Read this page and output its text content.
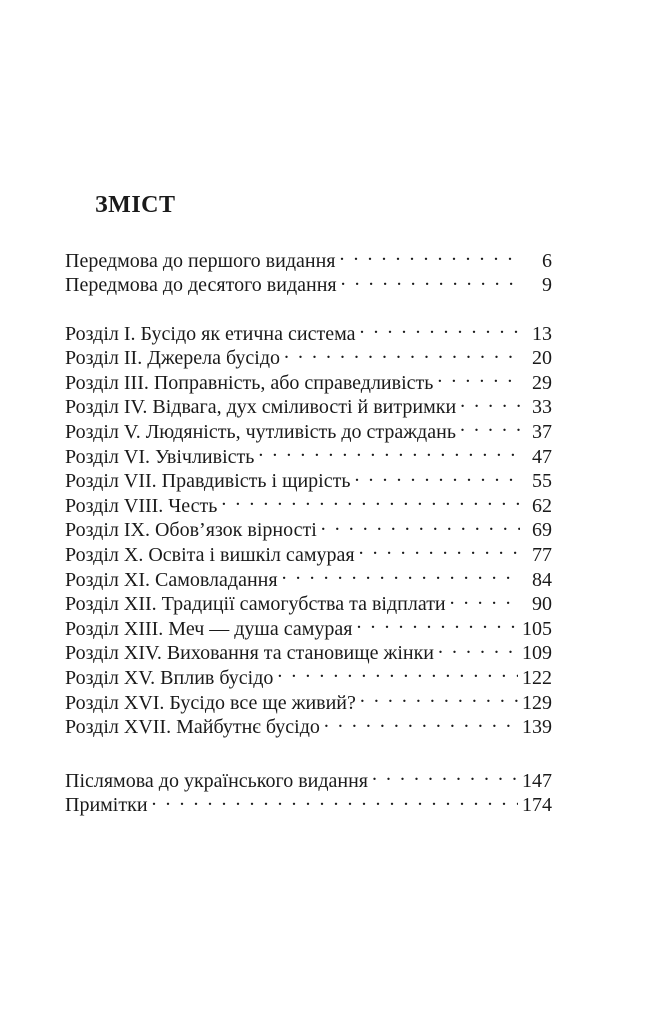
ЗМІСТ
Передмова до першого видання . . .	6
Передмова до десятого видання . . .	9
Розділ I. Бусідо як етична система . . .	13
Розділ II. Джерела бусідо . . .	20
Розділ III. Поправність, або справедливість . . .	29
Розділ IV. Відвага, дух сміливості й витримки . . .	33
Розділ V. Людяність, чутливість до страждань . . .	37
Розділ VI. Увічливість . . .	47
Розділ VII. Правдивість і щирість . . .	55
Розділ VIII. Честь . . .	62
Розділ IX. Обов’язок вірності . . .	69
Розділ X. Освіта і вишкіл самурая . . .	77
Розділ XI. Самовладання . . .	84
Розділ XII. Традиції самогубства та відплати . . .	90
Розділ XIII. Меч — душа самурая . . .	105
Розділ XIV. Виховання та становище жінки . . .	109
Розділ XV. Вплив бусідо . . .	122
Розділ XVI. Бусідо все ще живий? . . .	129
Розділ XVII. Майбутнє бусідо . . .	139
Післямова до українського видання . . .	147
Примітки . . .	174
